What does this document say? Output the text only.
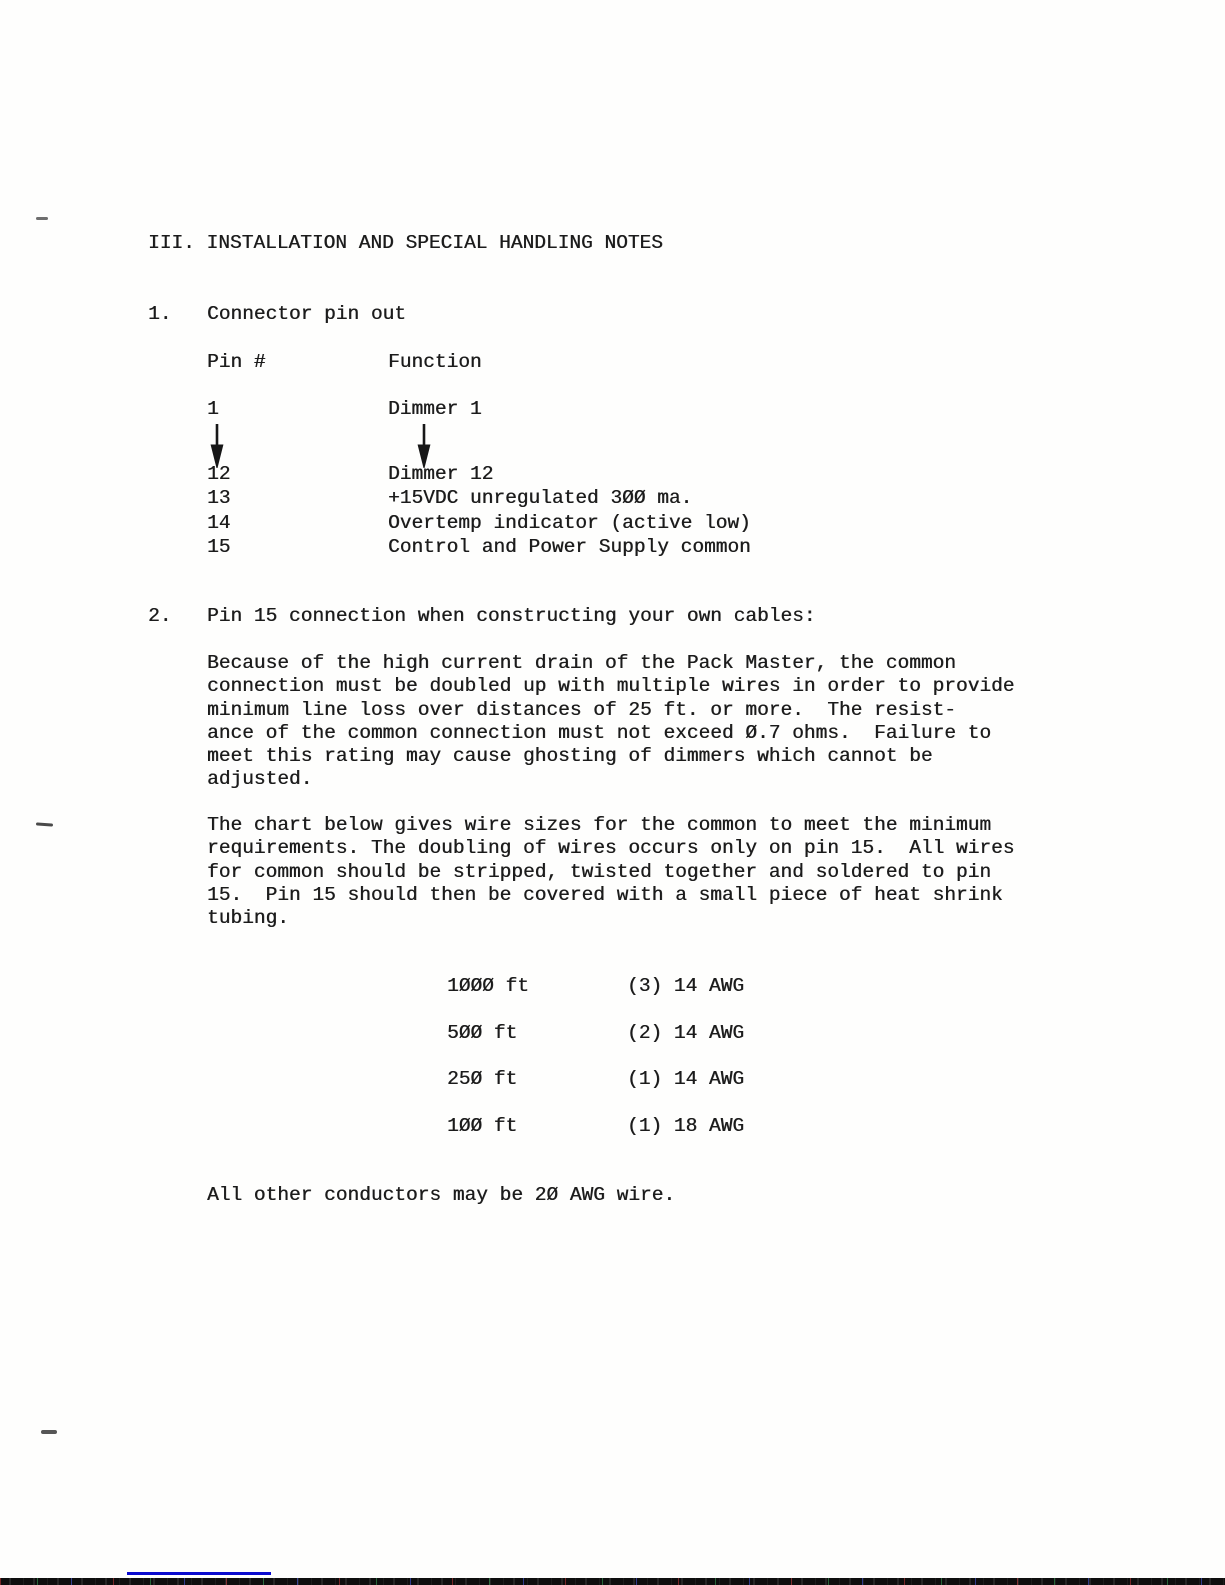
III. INSTALLATION AND SPECIAL HANDLING NOTES
1. Connector pin out
Pin #	Function
1	Dimmer 1
12	Dimmer 12
13	+15VDC unregulated 3ØØ ma.
14	Overtemp indicator (active low)
15	Control and Power Supply common
2. Pin 15 connection when constructing your own cables:
Because of the high current drain of the Pack Master, the common
connection must be doubled up with multiple wires in order to provide
minimum line loss over distances of 25 ft. or more.  The resist-
ance of the common connection must not exceed Ø.7 ohms.  Failure to
meet this rating may cause ghosting of dimmers which cannot be
adjusted.
The chart below gives wire sizes for the common to meet the minimum
requirements. The doubling of wires occurs only on pin 15.  All wires
for common should be stripped, twisted together and soldered to pin
15.  Pin 15 should then be covered with a small piece of heat shrink
tubing.
1ØØØ ft	(3) 14 AWG
5ØØ ft	(2) 14 AWG
25Ø ft	(1) 14 AWG
1ØØ ft	(1) 18 AWG
All other conductors may be 2Ø AWG wire.
